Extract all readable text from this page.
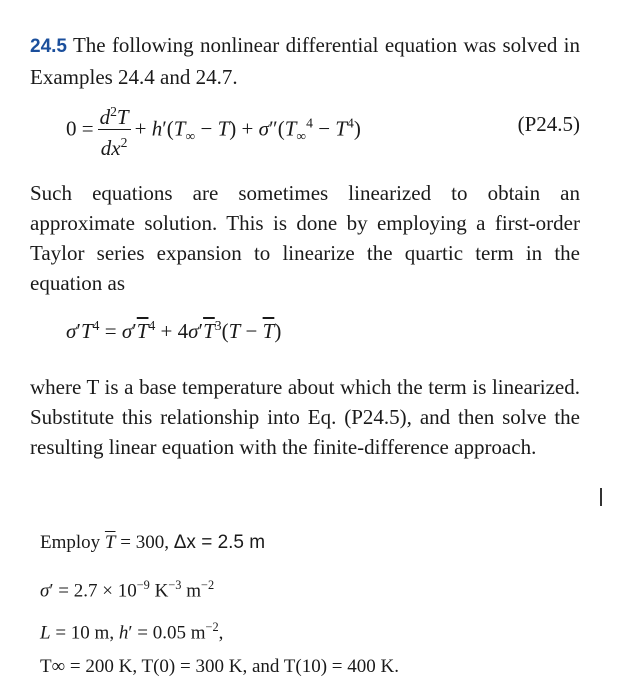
24.5 The following nonlinear differential equation was solved in Examples 24.4 and 24.7.
$0 = \frac{d^2T}{dx^2} + h'(T_\infty - T) + \sigma''(T_\infty^4 - T^4)$	(P24.5)
Such equations are sometimes linearized to obtain an approximate solution. This is done by employing a first-order Taylor series expansion to linearize the quartic term in the equation as
$\sigma'T^4 = \sigma'\overline{T}^4 + 4\sigma'\overline{T}^3(T - \overline{T})$
where T is a base temperature about which the term is linearized. Substitute this relationship into Eq. (P24.5), and then solve the resulting linear equation with the finite-difference approach.
Employ $\overline{T} = 300$, Δx = 2.5 m
$\sigma' = 2.7 \times 10^{-9}$ $K^{-3}$ $m^{-2}$
L = 10 m, h′ = 0.05 $m^{-2}$,
T∞ = 200 K, T(0) = 300 K, and T(10) = 400 K.
